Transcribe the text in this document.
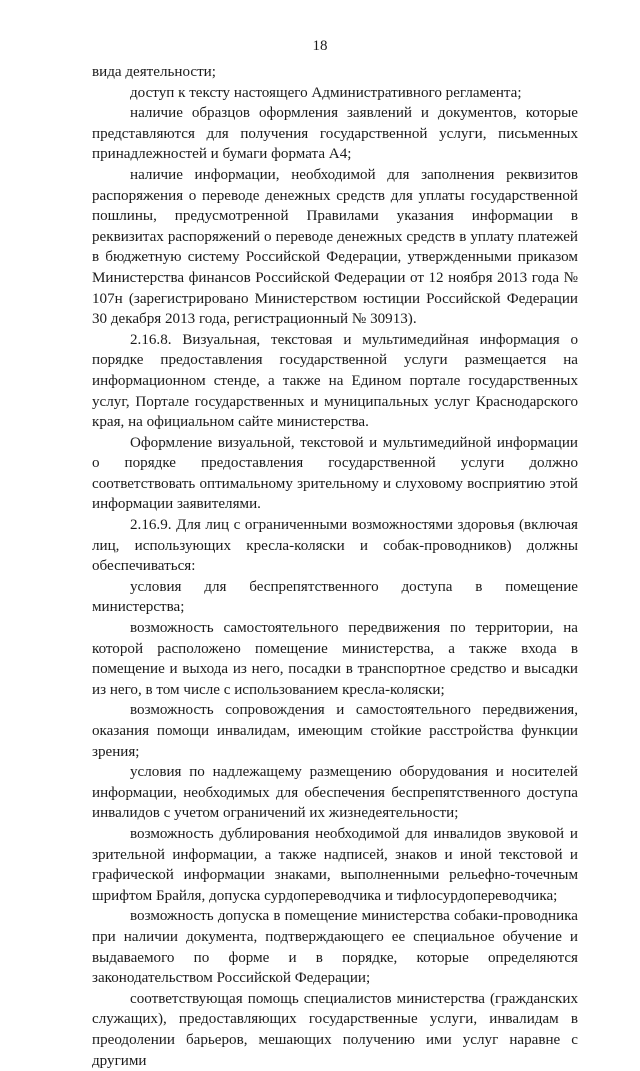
18

вида деятельности;

доступ к тексту настоящего Административного регламента;

наличие образцов оформления заявлений и документов, которые представляются для получения государственной услуги, письменных принадлежностей и бумаги формата А4;

наличие информации, необходимой для заполнения реквизитов распоряжения о переводе денежных средств для уплаты государственной пошлины, предусмотренной Правилами указания информации в реквизитах распоряжений о переводе денежных средств в уплату платежей в бюджетную систему Российской Федерации, утвержденными приказом Министерства финансов Российской Федерации от 12 ноября 2013 года № 107н (зарегистрировано Министерством юстиции Российской Федерации 30 декабря 2013 года, регистрационный № 30913).

2.16.8. Визуальная, текстовая и мультимедийная информация о порядке предоставления государственной услуги размещается на информационном стенде, а также на Едином портале государственных услуг, Портале государственных и муниципальных услуг Краснодарского края, на официальном сайте министерства.

Оформление визуальной, текстовой и мультимедийной информации о порядке предоставления государственной услуги должно соответствовать оптимальному зрительному и слуховому восприятию этой информации заявителями.

2.16.9. Для лиц с ограниченными возможностями здоровья (включая лиц, использующих кресла-коляски и собак-проводников) должны обеспечиваться:

условия для беспрепятственного доступа в помещение министерства;

возможность самостоятельного передвижения по территории, на которой расположено помещение министерства, а также входа в помещение и выхода из него, посадки в транспортное средство и высадки из него, в том числе с использованием кресла-коляски;

возможность сопровождения и самостоятельного передвижения, оказания помощи инвалидам, имеющим стойкие расстройства функции зрения;

условия по надлежащему размещению оборудования и носителей информации, необходимых для обеспечения беспрепятственного доступа инвалидов с учетом ограничений их жизнедеятельности;

возможность дублирования необходимой для инвалидов звуковой и зрительной информации, а также надписей, знаков и иной текстовой и графической информации знаками, выполненными рельефно-точечным шрифтом Брайля, допуска сурдопереводчика и тифлосурдопереводчика;

возможность допуска в помещение министерства собаки-проводника при наличии документа, подтверждающего ее специальное обучение и выдаваемого по форме и в порядке, которые определяются законодательством Российской Федерации;

соответствующая помощь специалистов министерства (гражданских служащих), предоставляющих государственные услуги, инвалидам в преодолении барьеров, мешающих получению ими услуг наравне с другими
